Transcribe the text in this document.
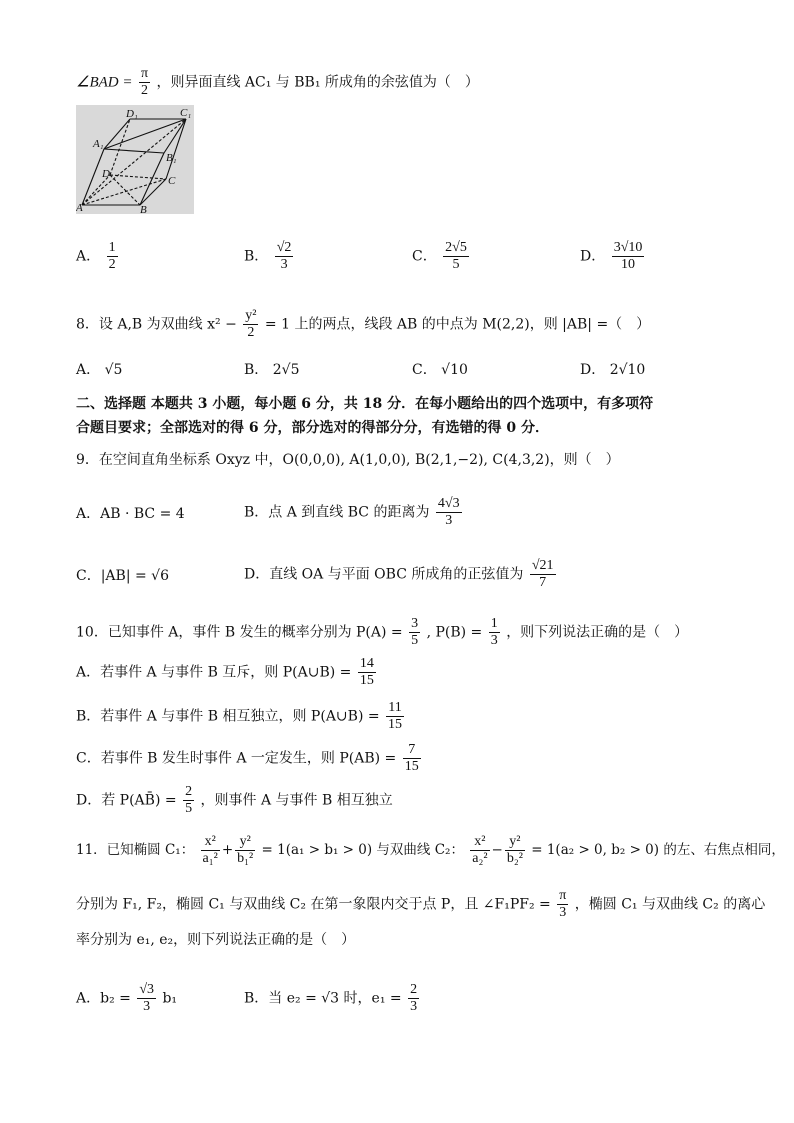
∠BAD = $\frac{\pi}{2}$ ，则异面直线 AC₁ 与 BB₁ 所成角的余弦值为（　）
D₁	C₁
A₁
B₁
D
C
A	B
A． $\frac{1}{2}$	B． $\frac{√2}{3}$	C． $\frac{2√5}{5}$	D． $\frac{3√10}{10}$
8．设 A,B 为双曲线 $x^2 - \frac{\text{y²}}{2} = 1$ 上的两点，线段 AB 的中点为 M(2,2)，则 |AB| =（　）
A． √5	B． 2√5	C． √10	D． 2√10
二、选择题 本题共 3 小题，每小题 6 分，共 18 分．在每小题给出的四个选项中，有多项符
合题目要求；全部选对的得 6 分，部分选对的得部分分，有选错的得 0 分．
9．在空间直角坐标系 Oxyz 中，O(0,0,0), A(1,0,0), B(2,1,−2), C(4,3,2)，则（　）
A．AB · BC = 4	B．点 A 到直线 BC 的距离为 $\frac{4√3}{3}$
C．|AB| = √6	D．直线 OA 与平面 OBC 所成角的正弦值为 $\frac{√21}{7}$
10．已知事件 A，事件 B 发生的概率分别为 $P(A) = \frac{3}{5}$ , $P(B) = \frac{1}{3}$ ，则下列说法正确的是（　）
A．若事件 A 与事件 B 互斥，则 P(A∪B) = $\frac{14}{15}$
B．若事件 A 与事件 B 相互独立，则 P(A∪B) = $\frac{11}{15}$
C．若事件 B 发生时事件 A 一定发生，则 $P(AB) = \frac{7}{15}$
D．若 P(AB̄) = $\frac{2}{5}$ ，则事件 A 与事件 B 相互独立
11．已知椭圆 C₁： $\frac{\text{x²}}{\text{a₁²}} + \frac{\text{y²}}{\text{b₁²}} = 1(a_1 > b_1 > 0)$ 与双曲线 C₂： $\frac{\text{x²}}{\text{a₂²}} - \frac{\text{y²}}{\text{b₂²}} = 1(a_2 > 0$, b₂ > 0) 的左、右焦点相同，
分别为 F₁, F₂，椭圆 C₁ 与双曲线 C₂ 在第一象限内交于点 P，且 ∠F₁PF₂ = $\frac{\pi}{3}$ ，椭圆 C₁ 与双曲线 C₂ 的离心
率分别为 e₁, e₂，则下列说法正确的是（　）
A．$b_2 = \frac{√3}{3} b_1$	B．当 e₂ = √3 时，$e_1 = \frac{2}{3}$
